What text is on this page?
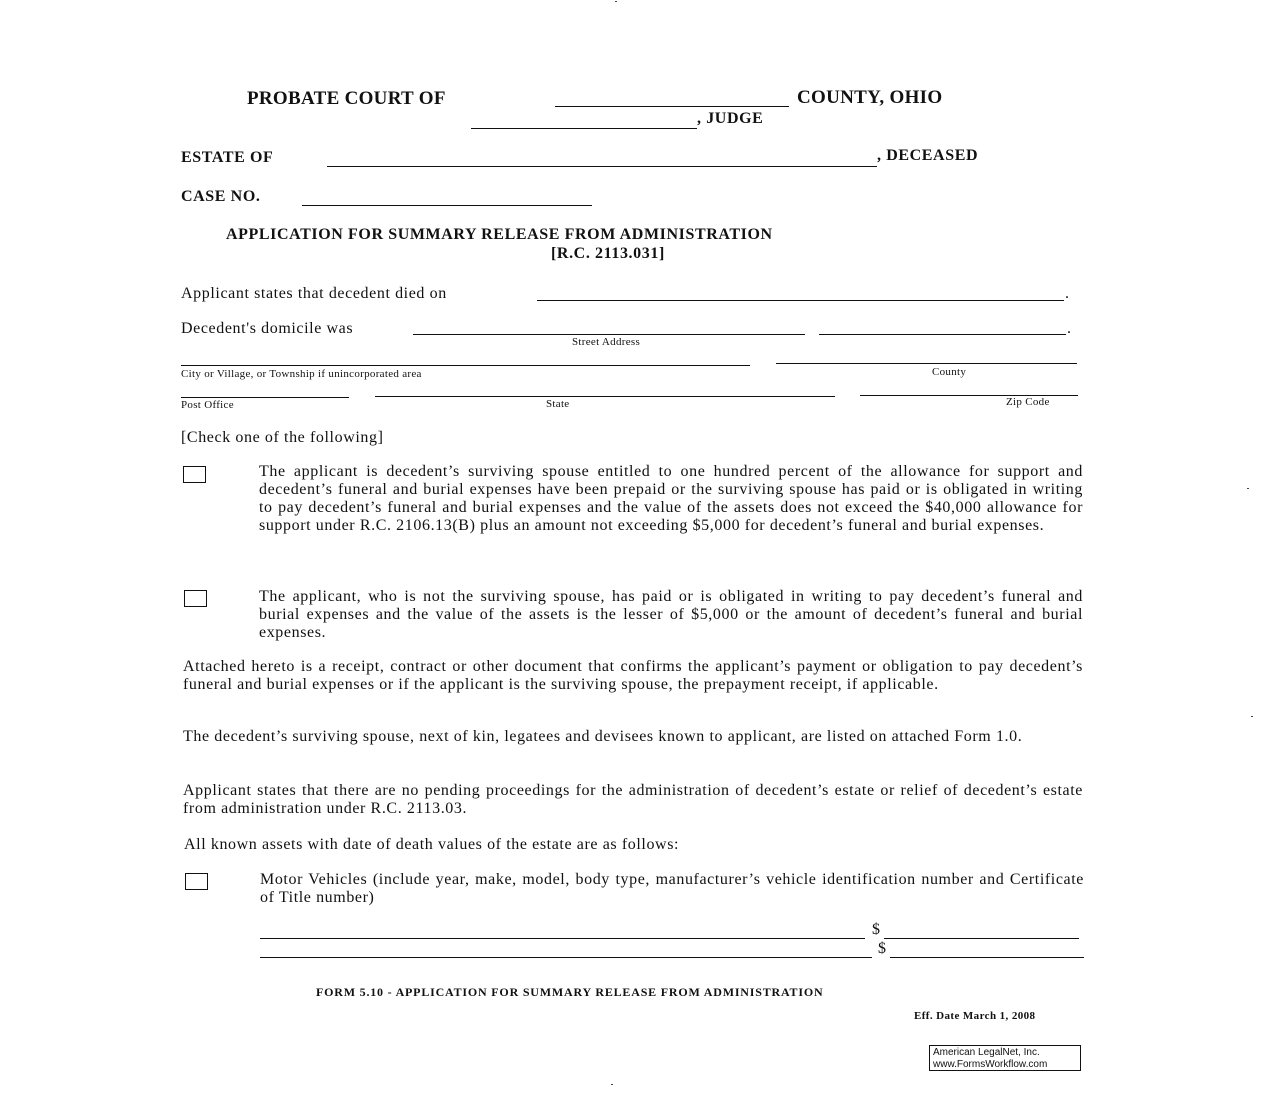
PROBATE COURT OF	COUNTY, OHIO
, JUDGE
ESTATE OF	, DECEASED
CASE NO.
APPLICATION FOR SUMMARY RELEASE FROM ADMINISTRATION
[R.C. 2113.031]
Applicant states that decedent died on	.
Decedent's domicile was	.
Street Address
City or Village, or Township if unincorporated area	County
Post Office	State	Zip Code
[Check one of the following]
The applicant is decedent’s surviving spouse entitled to one hundred percent of the allowance for support and decedent’s funeral and burial expenses have been prepaid or the surviving spouse has paid or is obligated in writing to pay decedent’s funeral and burial expenses and the value of the assets does not exceed the $40,000 allowance for support under R.C. 2106.13(B) plus an amount not exceeding $5,000 for decedent’s funeral and burial expenses.
The applicant, who is not the surviving spouse, has paid or is obligated in writing to pay decedent’s funeral and burial expenses and the value of the assets is the lesser of $5,000 or the amount of decedent’s funeral and burial expenses.
Attached hereto is a receipt, contract or other document that confirms the applicant’s payment or obligation to pay decedent’s funeral and burial expenses or if the applicant is the surviving spouse, the prepayment receipt, if applicable.
The decedent’s surviving spouse, next of kin, legatees and devisees known to applicant, are listed on attached Form 1.0.
Applicant states that there are no pending proceedings for the administration of decedent’s estate or relief of decedent’s estate from administration under R.C. 2113.03.
All known assets with date of death values of the estate are as follows:
Motor Vehicles (include year, make, model, body type, manufacturer’s vehicle identification number and Certificate of Title number)
$
$
FORM 5.10 - APPLICATION FOR SUMMARY RELEASE FROM ADMINISTRATION
Eff. Date March 1, 2008
American LegalNet, Inc.
www.FormsWorkflow.com
